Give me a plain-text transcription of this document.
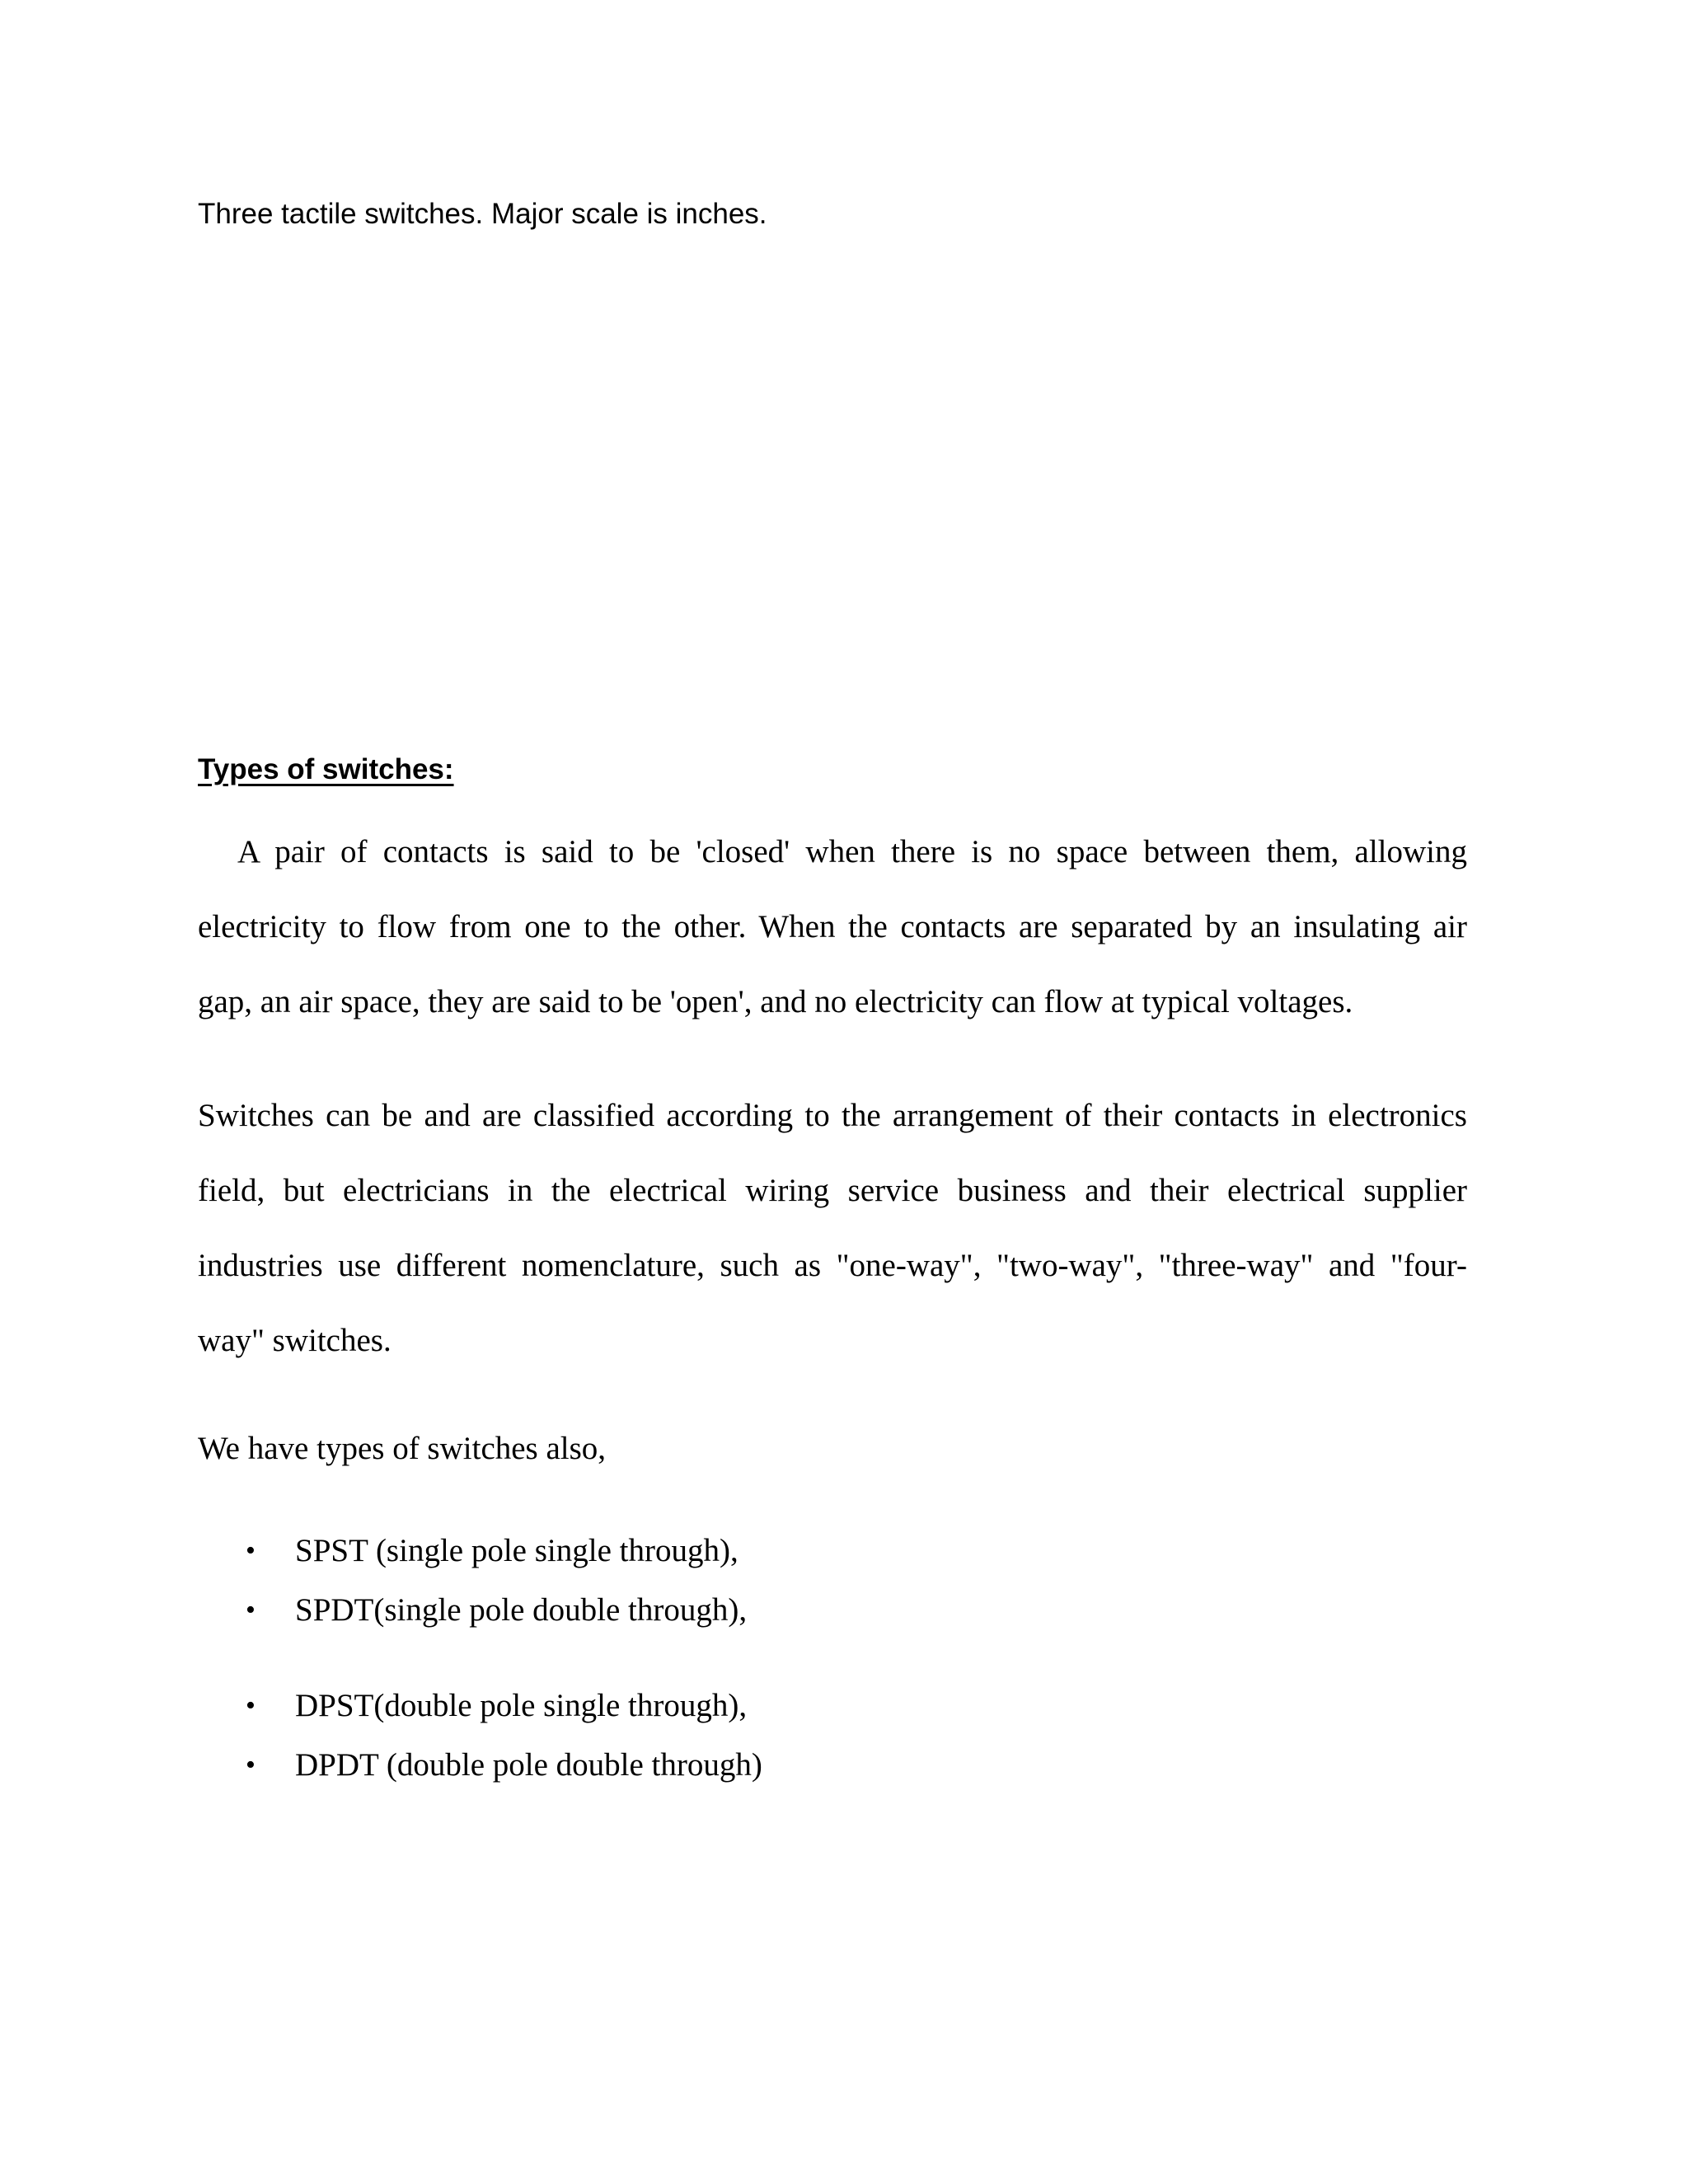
Three tactile switches. Major scale is inches.
Types of switches:
A pair of contacts is said to be 'closed' when there is no space between them, allowing
electricity to flow from one to the other. When the contacts are separated by an insulating air
gap, an air space, they are said to be 'open', and no electricity can flow at typical voltages.
Switches can be and are classified according to the arrangement of their contacts in electronics
field, but electricians in the electrical wiring service business and their electrical supplier
industries use different nomenclature, such as "one-way", "two-way", "three-way" and "four-
way" switches.
We have types of switches also,
• SPST (single pole single through),
• SPDT(single pole double through),
• DPST(double pole single through),
• DPDT (double pole double through)
